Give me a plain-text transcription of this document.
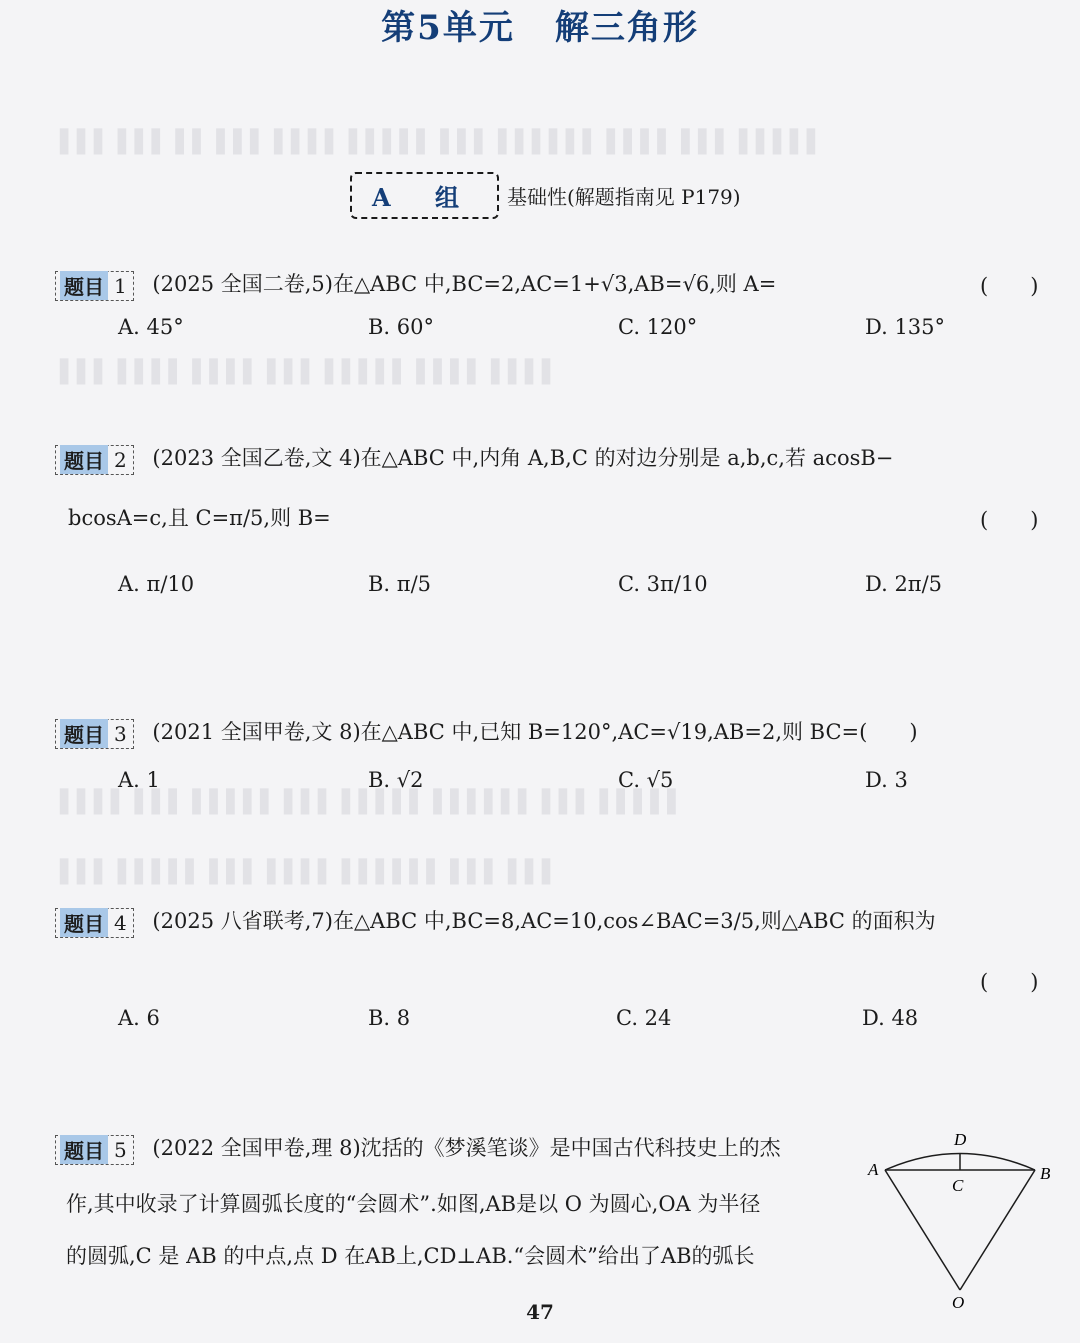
▌▌▌ ▌▌▌ ▌▌ ▌▌▌ ▌▌▌▌ ▌▌▌▌▌ ▌▌▌ ▌▌▌▌▌▌ ▌▌▌▌ ▌▌▌ ▌▌▌▌▌
▌▌▌ ▌▌▌▌ ▌▌▌▌ ▌▌▌ ▌▌▌▌▌ ▌▌▌▌ ▌▌▌▌
▌▌▌▌ ▌▌▌ ▌▌▌▌▌ ▌▌▌ ▌▌▌▌▌ ▌▌▌▌▌▌ ▌▌▌ ▌▌▌▌▌
▌▌▌ ▌▌▌▌▌ ▌▌▌ ▌▌▌▌ ▌▌▌▌▌▌ ▌▌▌ ▌▌▌
第5单元 解三角形
A 组	基础性(解题指南见 P179)
题目 1 (2025 全国二卷,5)在△ABC 中,BC=2,AC=1+√3,AB=√6,则 A=	(　　)
A. 45°	B. 60°	C. 120°	D. 135°
题目 2 (2023 全国乙卷,文 4)在△ABC 中,内角 A,B,C 的对边分别是 a,b,c,若 acosB−
bcosA=c,且 C=π/5,则 B=	(　　)
A. π/10	B. π/5	C. 3π/10	D. 2π/5
题目 3 (2021 全国甲卷,文 8)在△ABC 中,已知 B=120°,AC=√19,AB=2,则 BC=(　　)
A. 1	B. √2	C. √5	D. 3
题目 4 (2025 八省联考,7)在△ABC 中,BC=8,AC=10,cos∠BAC=3/5,则△ABC 的面积为
(　　)
A. 6	B. 8	C. 24	D. 48
题目 5 (2022 全国甲卷,理 8)沈括的《梦溪笔谈》是中国古代科技史上的杰
作,其中收录了计算圆弧长度的“会圆术”.如图,AB是以 O 为圆心,OA 为半径
的圆弧,C 是 AB 的中点,点 D 在AB上,CD⊥AB.“会圆术”给出了AB的弧长
A	B
C
D
O
47
